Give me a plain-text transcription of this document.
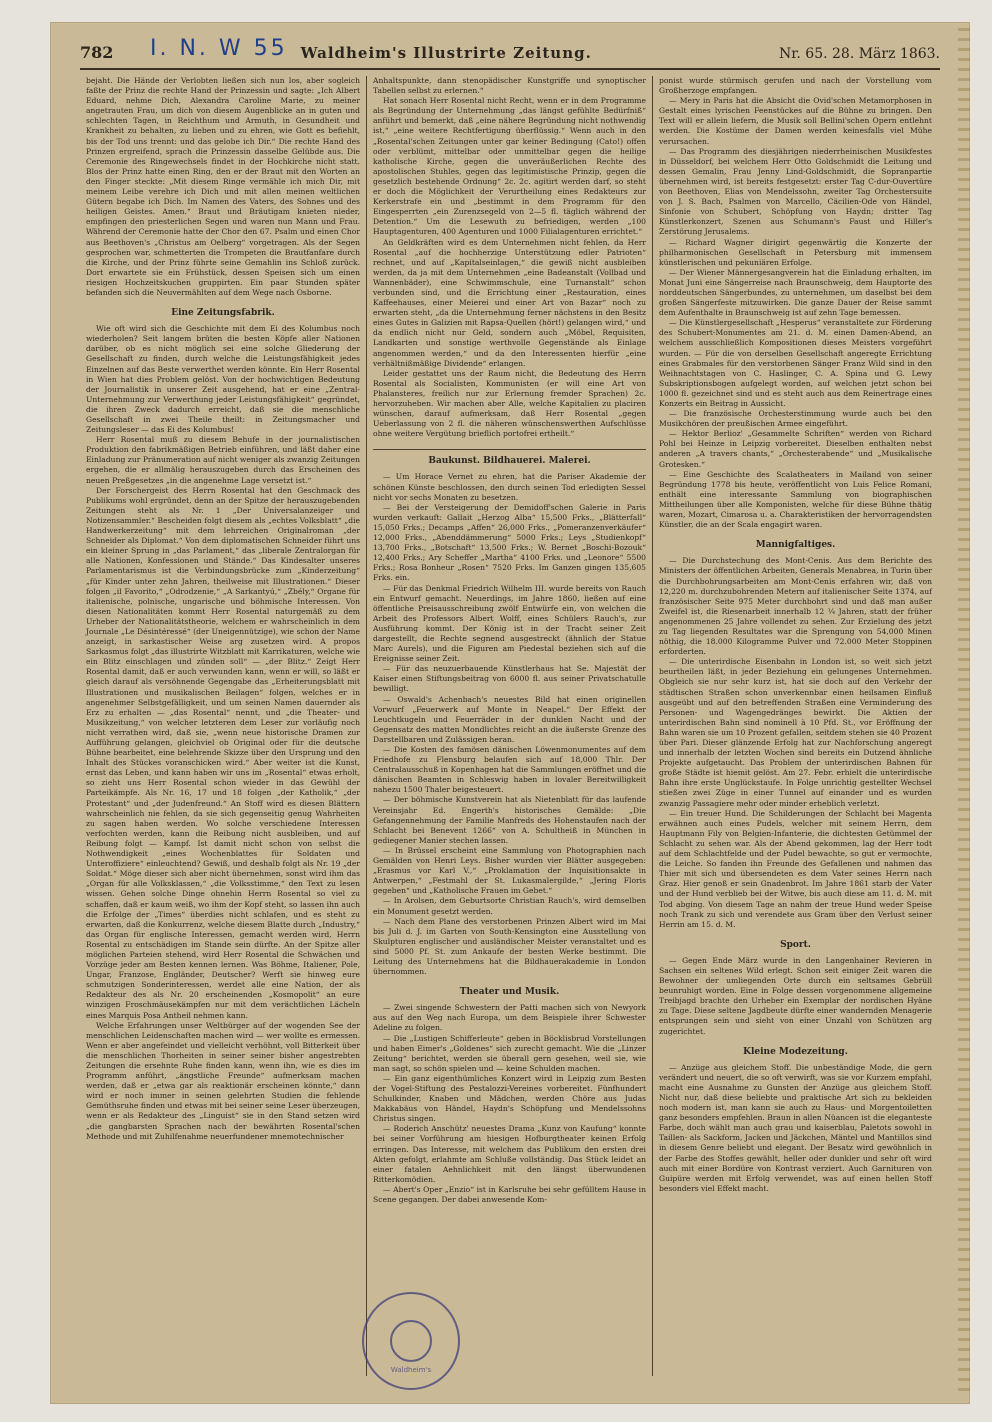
782 I. N. W 55 Waldheim's Illustrirte Zeitung.	Nr. 65. 28. März 1863.

bejaht. Die Hände der Verlobten ließen sich nun los, aber sogleich faßte der Prinz die rechte Hand der Prinzessin und sagte: „Ich Albert Eduard, nehme Dich, Alexandra Caroline Marie, zu meiner angetrauten Frau, um dich von diesem Augenblicke an in guten und schlechten Tagen, in Reichthum und Armuth, in Gesundheit und Krankheit zu behalten, zu lieben und zu ehren, wie Gott es befiehlt, bis der Tod uns trennt: und das gelobe ich Dir.“ Die rechte Hand des Prinzen ergreifend, sprach die Prinzessin dasselbe Gelübde aus. Die Ceremonie des Ringewechsels findet in der Hochkirche nicht statt. Blos der Prinz hatte einen Ring, den er der Braut mit den Worten an den Finger steckte: „Mit diesem Ringe vermähle ich mich Dir, mit meinem Leibe verehre ich Dich und mit allen meinen weltlichen Gütern begabe ich Dich. Im Namen des Vaters, des Sohnes und des heiligen Geistes. Amen.“ Braut und Bräutigam knieten nieder, empfingen den priesterlichen Segen und waren nun Mann und Frau. Während der Ceremonie hatte der Chor den 67. Psalm und einen Chor aus Beethoven's „Christus am Oelberg“ vorgetragen. Als der Segen gesprochen war, schmetterten die Trompeten die Brautfanfare durch die Kirche, und der Prinz führte seine Gemahlin ins Schloß zurück. Dort erwartete sie ein Frühstück, dessen Speisen sich um einen riesigen Hochzeitskuchen gruppirten. Ein paar Stunden später befanden sich die Neuvermählten auf dem Wege nach Osborne.

Eine Zeitungsfabrik.

Wie oft wird sich die Geschichte mit dem Ei des Kolumbus noch wiederholen? Seit langem brüten die besten Köpfe aller Nationen darüber, ob es nicht möglich sei eine solche Gliederung der Gesellschaft zu finden, durch welche die Leistungsfähigkeit jedes Einzelnen auf das Beste verwerthet werden könnte. Ein Herr Rosental in Wien hat dies Problem gelöst. Von der hochwichtigen Bedeutung der Journalistik in unserer Zeit ausgehend, hat er eine „Zentral-Unternehmung zur Verwerthung jeder Leistungsfähigkeit“ gegründet, die ihren Zweck dadurch erreicht, daß sie die menschliche Gesellschaft in zwei Theile theilt: in Zeitungsmacher und Zeitungsleser — das Ei des Kolumbus!

Herr Rosental muß zu diesem Behufe in der journalistischen Produktion den fabrikmäßigen Betrieb einführen, und läßt daher eine Einladung zur Pränumeration auf nicht weniger als zwanzig Zeitungen ergehen, die er allmälig herauszugeben durch das Erscheinen des neuen Preßgesetzes „in die angenehme Lage versetzt ist.“

Der Forschergeist des Herrn Rosental hat den Geschmack des Publikums wohl ergründet, denn an der Spitze der herauszugebenden Zeitungen steht als Nr. 1 „Der Universalanzeiger und Notizensammler.“ Bescheiden folgt diesem als „echtes Volksblatt“ „die Handwerkerzeitung“ mit dem lehrreichen Originalroman „der Schneider als Diplomat.“ Von dem diplomatischen Schneider führt uns ein kleiner Sprung in „das Parlament,“ das „liberale Zentralorgan für alle Nationen, Konfessionen und Stände.“ Das Kindesalter unseres Parlamentarismus ist die Verbindungsbrücke zum „Kinderzeitung“ „für Kinder unter zehn Jahren, theilweise mit Illustrationen.“ Dieser folgen „il Favorito,“ „Odrodzenie,“ „A Sarkantyú,“ „Zbély,“ Organe für italienische, polnische, ungarische und böhmische Interessen. Von diesen Nationalitäten kommt Herr Rosental naturgemäß zu dem Urheber der Nationalitätstheorie, welchem er wahrscheinlich in dem Journale „Le Désintéressé“ (der Uneigennützige), wie schon der Name anzeigt, in sarkastischer Weise arg zusetzen wird. A propos Sarkasmus folgt „das illustrirte Witzblatt mit Karrikaturen, welche wie ein Blitz einschlagen und zünden soll“ — „der Blitz.“ Zeigt Herr Rosental damit, daß er auch verwunden kann, wenn er will, so läßt er gleich darauf als versöhnende Gegengabe das „Erheiterungsblatt mit Illustrationen und musikalischen Beilagen“ folgen, welches er in angenehmer Selbstgefälligkeit, und um seinen Namen dauernder als Erz zu erhalten — „das Rosental“ nennt, und „die Theater- und Musikzeitung,“ von welcher letzteren dem Leser zur vorläufig noch nicht verrathen wird, daß sie, „wenn neue historische Dramen zur Aufführung gelangen, gleichviel ob Original oder für die deutsche Bühne bearbeitet, eine belehrende Skizze über den Ursprung und den Inhalt des Stückes voranschicken wird.“ Aber weiter ist die Kunst, ernst das Leben, und kann haben wir uns im „Rosental“ etwas erholt, so zieht uns Herr Rosental schon wieder in das Gewühl der Parteikämpfe. Als Nr. 16, 17 und 18 folgen „der Katholik,“ „der Protestant“ und „der Judenfreund.“ An Stoff wird es diesen Blättern wahrscheinlich nie fehlen, da sie sich gegenseitig genug Wahrheiten zu sagen haben werden. Wo solche verschiedene Interessen verfochten werden, kann die Reibung nicht ausbleiben, und auf Reibung folgt — Kampf. Ist damit nicht schon von selbst die Nothwendigkeit „eines Wochenblattes für Soldaten und Unteroffiziere“ einleuchtend? Gewiß, und deshalb folgt als Nr. 19 „der Soldat.“ Möge dieser sich aber nicht übernehmen, sonst wird ihm das „Organ für alle Volksklassen,“ „die Volksstimme,“ den Text zu lesen wissen. Gehen solche Dinge ohnehin Herrn Rosental so viel zu schaffen, daß er kaum weiß, wo ihm der Kopf steht, so lassen ihn auch die Erfolge der „Times“ überdies nicht schlafen, und es steht zu erwarten, daß die Konkurrenz, welche diesem Blatte durch „Industry,“ das Organ für englische Interessen, gemacht werden wird, Herrn Rosental zu entschädigen im Stande sein dürfte. An der Spitze aller möglichen Parteien stehend, wird Herr Rosental die Schwächen und Vorzüge jeder am Besten kennen lernen. Was Böhme, Italiener, Pole, Ungar, Franzose, Engländer, Deutscher? Werft sie hinweg eure schmutzigen Sonderinteressen, werdet alle eine Nation, der als Redakteur des als Nr. 20 erscheinenden „Kosmopolit“ an eure winzigen Froschmäusekämpfen nur mit dem verächtlichen Lächeln eines Marquis Posa Antheil nehmen kann.

Welche Erfahrungen unser Weltbürger auf der wogenden See der menschlichen Leidenschaften machen wird — wer wollte es ermessen. Wenn er aber angefeindet und vielleicht verhöhnt, voll Bitterkeit über die menschlichen Thorheiten in seiner seiner bisher angestrebten Zeitungen die ersehnte Ruhe finden kann, wenn ihn, wie es dies im Programm anführt, „ängstliche Freunde“ aufmerksam machen werden, daß er „etwa gar als reaktionär erscheinen könnte,“ dann wird er noch immer in seinen gelehrten Studien die fehlende Gemüthsruhe finden und etwas mit bei seiner seine Leser überzeugen, wenn er als Redakteur des „Linguist“ sie in den Stand setzen wird „die gangbarsten Sprachen nach der bewährten Rosental'schen Methode und mit Zuhilfenahme neuerfundener mnemotechnischer

Anhaltspunkte, dann stenopädischer Kunstgriffe und synoptischer Tabellen selbst zu erlernen.“

Hat sonach Herr Rosental nicht Recht, wenn er in dem Programme als Begründung der Unternehmung „das längst gefühlte Bedürfniß“ anführt und bemerkt, daß „eine nähere Begründung nicht nothwendig ist,“ „eine weitere Rechtfertigung überflüssig.“ Wenn auch in den „Rosental'schen Zeitungen unter gar keiner Bedingung (Cato!) offen oder verblümt, mittelbar oder unmittelbar gegen die heilige katholische Kirche, gegen die unveräußerlichen Rechte des apostolischen Stuhles, gegen das legitimistische Prinzip, gegen die gesetzlich bestehende Ordnung“ 2c. 2c. agitirt werden darf, so steht er doch die Möglichkeit der Verurtheilung eines Redakteurs zur Kerkerstrafe ein und „bestimmt in dem Programm für den Eingesperrten „ein Zurenzsegeld von 2—5 fl. täglich während der Detention.“ Um die Lesewuth zu befriedigen, werden „100 Hauptagenturen, 400 Agenturen und 1000 Filialagenturen errichtet.“

An Geldkräften wird es dem Unternehmen nicht fehlen, da Herr Rosental „auf die hochherzige Unterstützung edler Patrioten“ rechnet, und auf „Kapitalseinlagen,“ die gewiß nicht ausbleiben werden, da ja mit dem Unternehmen „eine Badeanstalt (Vollbad und Wannenbäder), eine Schwimmschule, eine Turnanstalt“ schon verbunden sind, und die Errichtung einer „Restauration, eines Kaffeehauses, einer Meierei und einer Art von Bazar“ noch zu erwarten steht, „da die Unternehmung ferner nächstens in den Besitz eines Gutes in Galizien mit Rapsa-Quellen (hört!) gelangen wird,“ und da endlich nicht nur Geld, sondern auch „Möbel, Requisiten, Landkarten und sonstige werthvolle Gegenstände als Einlage angenommen werden,“ und da den Interessenten hierfür „eine verhältnißmäßige Dividende“ erlangen.

Leider gestattet uns der Raum nicht, die Bedeutung des Herrn Rosental als Socialisten, Kommunisten (er will eine Art von Phalansteres, freilich nur zur Erlernung fremder Sprachen) 2c. hervorzuheben. Wir machen aber Alle, welche Kapitalien zu placiren wünschen, darauf aufmerksam, daß Herr Rosental „gegen Ueberlassung von 2 fl. die näheren wünschenswerthen Aufschlüsse ohne weitere Vergütung brieflich portofrei ertheilt.“

Baukunst. Bildhauerei. Malerei.

— Um Horace Vernet zu ehren, hat die Pariser Akademie der schönen Künste beschlossen, den durch seinen Tod erledigten Sessel nicht vor sechs Monaten zu besetzen.

— Bei der Versteigerung der Demidoff'schen Galerie in Paris wurden verkauft: Gallait „Herzog Alba“ 15,500 Frks., „Blätterfall“ 15,050 Frks.; Decamps „Affen“ 26,000 Frks., „Pomeranzenverkäufer“ 12,000 Frks., „Abenddämmerung“ 5000 Frks.; Leys „Studienkopf“ 13,700 Frks., „Botschaft“ 13,500 Frks.; W. Bernet „Boschi-Bozouk“ 12,400 Frks.; Ary Scheffer „Martha“ 4100 Frks. und „Leonore“ 5500 Frks.; Rosa Bonheur „Rosen“ 7520 Frks. Im Ganzen gingen 135,605 Frks. ein.

— Für das Denkmal Friedrich Wilhelm III. wurde bereits von Rauch ein Entwurf gemacht. Neuerdings, im Jahre 1860, ließen auf eine öffentliche Preisausschreibung zwölf Entwürfe ein, von welchen die Arbeit des Professors Albert Wolff, eines Schülers Rauch's, zur Ausführung kommt. Der König ist in der Tracht seiner Zeit dargestellt, die Rechte segnend ausgestreckt (ähnlich der Statue Marc Aurels), und die Figuren am Piedestal beziehen sich auf die Ereignisse seiner Zeit.

— Für das neuzuerbauende Künstlerhaus hat Se. Majestät der Kaiser einen Stiftungsbeitrag von 6000 fl. aus seiner Privatschatulle bewilligt.

— Oswald's Achenbach's neuestes Bild hat einen originellen Vorwurf „Feuerwerk auf Monte in Neapel.“ Der Effekt der Leuchtkugeln und Feuerräder in der dunklen Nacht und der Gegensatz des matten Mondlichtes reicht an die äußerste Grenze des Darstellbaren und Zulässigen heran.

— Die Kosten des famösen dänischen Löwenmonumentes auf dem Friedhofe zu Flensburg belaufen sich auf 18,000 Thlr. Der Centralausschuß in Kopenhagen hat die Sammlungen eröffnet und die dänischen Beamten in Schleswig haben in lovaler Bereitwilligkeit nahezu 1500 Thaler beigesteuert.

— Der böhmische Kunstverein hat als Nietenblatt für das laufende Vereinsjahr Ed. Engerth's historisches Gemälde: „Die Gefangennehmung der Familie Manfreds des Hohenstaufen nach der Schlacht bei Benevent 1266“ von A. Schultheiß in München in gediegener Manier stechen lassen.

— In Brüssel erscheint eine Sammlung von Photographien nach Gemälden von Henri Leys. Bisher wurden vier Blätter ausgegeben: „Erasmus vor Karl V.,“ „Proklamation der Inquisitionsakte in Antwerpen,“ „Festmahl der St. Lukasmalergilde,“ „Jering Floris gegeben“ und „Katholische Frauen im Gebet.“

— In Arolsen, dem Geburtsorte Christian Rauch's, wird demselben ein Monument gesetzt werden.

— Nach dem Plane des verstorbenen Prinzen Albert wird im Mai bis Juli d. J. im Garten von South-Kensington eine Ausstellung von Skulpturen englischer und ausländischer Meister veranstaltet und es sind 5000 Pf. St. zum Ankaufe der besten Werke bestimmt. Die Leitung des Unternehmens hat die Bildhauerakademie in London übernommen.

Theater und Musik.

— Zwei singende Schwestern der Patti machen sich von Newyork aus auf den Weg nach Europa, um dem Beispiele ihrer Schwester Adeline zu folgen.

— Die „Lustigen Schifferleute“ geben in Böcklisbrud Vorstellungen und haben Eimer's „Goldenes“ sich zurecht gemacht. Wie die „Linzer Zeitung“ berichtet, werden sie überall gern gesehen, weil sie, wie man sagt, so schön spielen und — keine Schulden machen.

— Ein ganz eigenthümliches Konzert wird in Leipzig zum Besten der Vogel-Stiftung des Pestalozzi-Vereines vorbereitet. Fünfhundert Schulkinder, Knaben und Mädchen, werden Chöre aus Judas Makkabäus von Händel, Haydn's Schöpfung und Mendelssohns Christus singen.

— Roderich Anschütz' neuestes Drama „Kunz von Kaufung“ konnte bei seiner Vorführung am hiesigen Hofburgtheater keinen Erfolg erringen. Das Interesse, mit welchem das Publikum den ersten drei Akten gefolgt, erlahmte am Schluße vollständig. Das Stück leidet an einer fatalen Aehnlichkeit mit den längst überwundenen Ritterkomödien.

— Abert's Oper „Enzio“ ist in Karlsruhe bei sehr gefülltem Hause in Scene gegangen. Der dabei anwesende Kom-

ponist wurde stürmisch gerufen und nach der Vorstellung vom Großherzoge empfangen.

— Mery in Paris hat die Absicht die Ovid'schen Metamorphosen in Gestalt eines lyrischen Feenstückes auf die Bühne zu bringen. Den Text will er allein liefern, die Musik soll Bellini'schen Opern entlehnt werden. Die Kostüme der Damen werden keinesfalls viel Mühe verursachen.

— Das Programm des diesjährigen niederrheinischen Musikfestes in Düsseldorf, bei welchem Herr Otto Goldschmidt die Leitung und dessen Gemalin, Frau Jenny Lind-Goldschmidt, die Sopranpartie übernehmen wird, ist bereits festgesetzt: erster Tag C-dur-Ouvertüre von Beethoven, Elias von Mendelssohn, zweiter Tag Orchestersuite von J. S. Bach, Psalmen von Marcello, Cäcilien-Ode von Händel, Sinfonie von Schubert, Schöpfung von Haydn; dritter Tag Künstlerkonzert, Szenen aus Schumann's Faust und Hiller's Zerstörung Jerusalems.

— Richard Wagner dirigirt gegenwärtig die Konzerte der philharmonischen Gesellschaft in Petersburg mit immensem künstlerischen und pekuniären Erfolge.

— Der Wiener Männergesangverein hat die Einladung erhalten, im Monat Juni eine Sängerreise nach Braunschweig, dem Hauptorte des norddeutschen Sängerbundes, zu unternehmen, um daselbst bei dem großen Sängerfeste mitzuwirken. Die ganze Dauer der Reise sammt dem Aufenthalte in Braunschweig ist auf zehn Tage bemessen.

— Die Künstlergesellschaft „Hesperus“ veranstaltete zur Förderung des Schubert-Monumentes am 21. d. M. einen Damen-Abend, an welchem ausschließlich Kompositionen dieses Meisters vorgeführt wurden. — Für die von derselben Gesellschaft angeregte Errichtung eines Grabmales für den verstorbenen Sänger Franz Wild sind in den Weihnachtstagen von C. Haslinger, C. A. Spina und G. Lewy Subskriptionsbogen aufgelegt worden, auf welchen jetzt schon bei 1000 fl. gezeichnet sind und es steht auch aus dem Reinertrage eines Konzerts ein Beitrag in Aussicht.

— Die französische Orchesterstimmung wurde auch bei den Musikchören der preußischen Armee eingeführt.

— Hektor Berlioz' „Gesammelte Schriften“ werden von Richard Pohl bei Heinze in Leipzig vorbereitet. Dieselben enthalten nebst anderen „A travers chants,“ „Orchesterabende“ und „Musikalische Grotesken.“

— Eine Geschichte des Scalatheaters in Mailand von seiner Begründung 1778 bis heute, veröffentlicht von Luis Felice Romani, enthält eine interessante Sammlung von biographischen Mittheilungen über alle Komponisten, welche für diese Bühne thätig waren, Mozart, Cimarosa u. a. Charakteristiken der hervorragendsten Künstler, die an der Scala engagirt waren.

Mannigfaltiges.

— Die Durchstechung des Mont-Cenis. Aus dem Berichte des Ministers der öffentlichen Arbeiten, Generals Menabrea, in Turin über die Durchbohrungsarbeiten am Mont-Cenis erfahren wir, daß von 12,220 m. durchzubohrenden Metern auf italienischer Seite 1374, auf französischer Seite 975 Meter durchbohrt sind und daß man außer Zweifel ist, die Riesenarbeit innerhalb 12 ¼ Jahren, statt der früher angenommenen 25 Jahre vollendet zu sehen. Zur Erzielung des jetzt zu Tag liegenden Resultates war die Sprengung von 54,000 Minen nöthig, die 18.000 Kilogramme Pulver und 72.000 Meter Stoppinen erforderten.

— Die unterirdische Eisenbahn in London ist, so weit sich jetzt beurtheilen läßt, in jeder Beziehung ein gelungenes Unternehmen. Obgleich sie nur sehr kurz ist, hat sie doch auf den Verkehr der städtischen Straßen schon unverkennbar einen heilsamen Einfluß ausgeübt und auf den betreffenden Straßen eine Verminderung des Personen- und Wagengedränges bewirkt. Die Aktien der unterirdischen Bahn sind nominell à 10 Pfd. St., vor Eröffnung der Bahn waren sie um 10 Prozent gefallen, seitdem stehen sie 40 Prozent über Pari. Dieser glänzende Erfolg hat zur Nachforschung angeregt und innerhalb der letzten Wochen sind bereits ein Dutzend ähnliche Projekte aufgetaucht. Das Problem der unterirdischen Bahnen für große Städte ist hiemit gelöst. Am 27. Febr. erhielt die unterirdische Bahn ihre erste Unglückstaufe. In Folge unrichtig gestellter Wechsel stießen zwei Züge in einer Tunnel auf einander und es wurden zwanzig Passagiere mehr oder minder erheblich verletzt.

— Ein treuer Hund. Die Schilderungen der Schlacht bei Magenta erwähnen auch eines Pudels, welcher mit seinem Herrn, dem Hauptmann Fily von Belgien-Infanterie, die dichtesten Getümmel der Schlacht zu sehen war. Als der Abend gekommen, lag der Herr todt auf dem Schlachtfelde und der Pudel bewachte, so gut er vermochte, die Leiche. So fanden ihn Freunde des Gefallenen und nahmen das Thier mit sich und übersendeten es dem Vater seines Herrn nach Graz. Hier genoß er sein Gnadenbrot. Im Jahre 1861 starb der Vater und der Hund verblieb bei der Witwe, bis auch diese am 11. d. M. mit Tod abging. Von diesem Tage an nahm der treue Hund weder Speise noch Trank zu sich und verendete aus Gram über den Verlust seiner Herrin am 15. d. M.

Sport.

— Gegen Ende März wurde in den Langenhainer Revieren in Sachsen ein seltenes Wild erlegt. Schon seit einiger Zeit waren die Bewohner der umliegenden Orte durch ein seltsames Gebrüll beunruhigt worden. Eine in Folge dessen vorgenommene allgemeine Treibjagd brachte den Urheber ein Exemplar der nordischen Hyäne zu Tage. Diese seltene Jagdbeute dürfte einer wandernden Menagerie entsprungen sein und sieht von einer Unzahl von Schützen arg zugerichtet.

Kleine Modezeitung.

— Anzüge aus gleichem Stoff. Die unbeständige Mode, die gern verändert und neuert, die so oft verwirft, was sie vor Kurzem empfahl, macht eine Ausnahme zu Gunsten der Anzüge aus gleichem Stoff. Nicht nur, daß diese beliebte und praktische Art sich zu bekleiden noch modern ist, man kann sie auch zu Haus- und Morgentoiletten ganz besonders empfehlen. Braun in allen Nüancen ist die eleganteste Farbe, doch wählt man auch grau und kaiserblau, Paletots sowohl in Taillen- als Sackform, Jacken und Jäckchen, Mäntel und Mantillos sind in diesem Genre beliebt und elegant. Der Besatz wird gewöhnlich in der Farbe des Stoffes gewählt, heller oder dunkler und sehr oft wird auch mit einer Bordüre von Kontrast verziert. Auch Garnituren von Guipüre werden mit Erfolg verwendet, was auf einen hellen Stoff besonders viel Effekt macht.

Waldheim's
